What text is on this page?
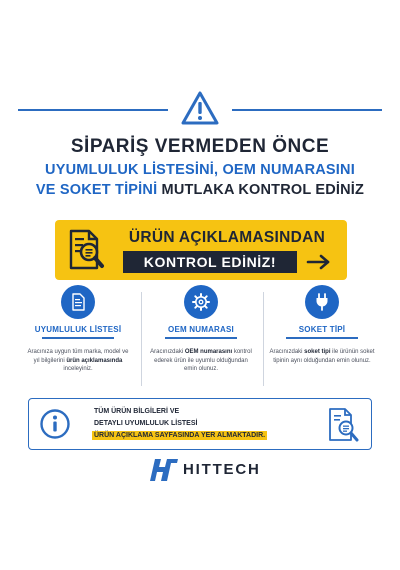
SİPARİŞ VERMEDEN ÖNCE
UYUMLULUK LİSTESİNİ, OEM NUMARASINI
VE SOKET TİPİNİ MUTLAKA KONTROL EDİNİZ
ÜRÜN AÇIKLAMASINDAN
KONTROL EDİNİZ!
UYUMLULUK LİSTESİ
Aracınıza uygun tüm marka, model ve yıl bilgilerini ürün açıklamasında inceleyiniz.
OEM NUMARASI
Aracınızdaki OEM numarasını kontrol ederek ürün ile uyumlu olduğundan emin olunuz.
SOKET TİPİ
Aracınızdaki soket tipi ile ürünün soket tipinin aynı olduğundan emin olunuz.
TÜM ÜRÜN BİLGİLERİ VE
DETAYLI UYUMLULUK LİSTESİ
ÜRÜN AÇIKLAMA SAYFASINDA YER ALMAKTADIR.
HITTECH
